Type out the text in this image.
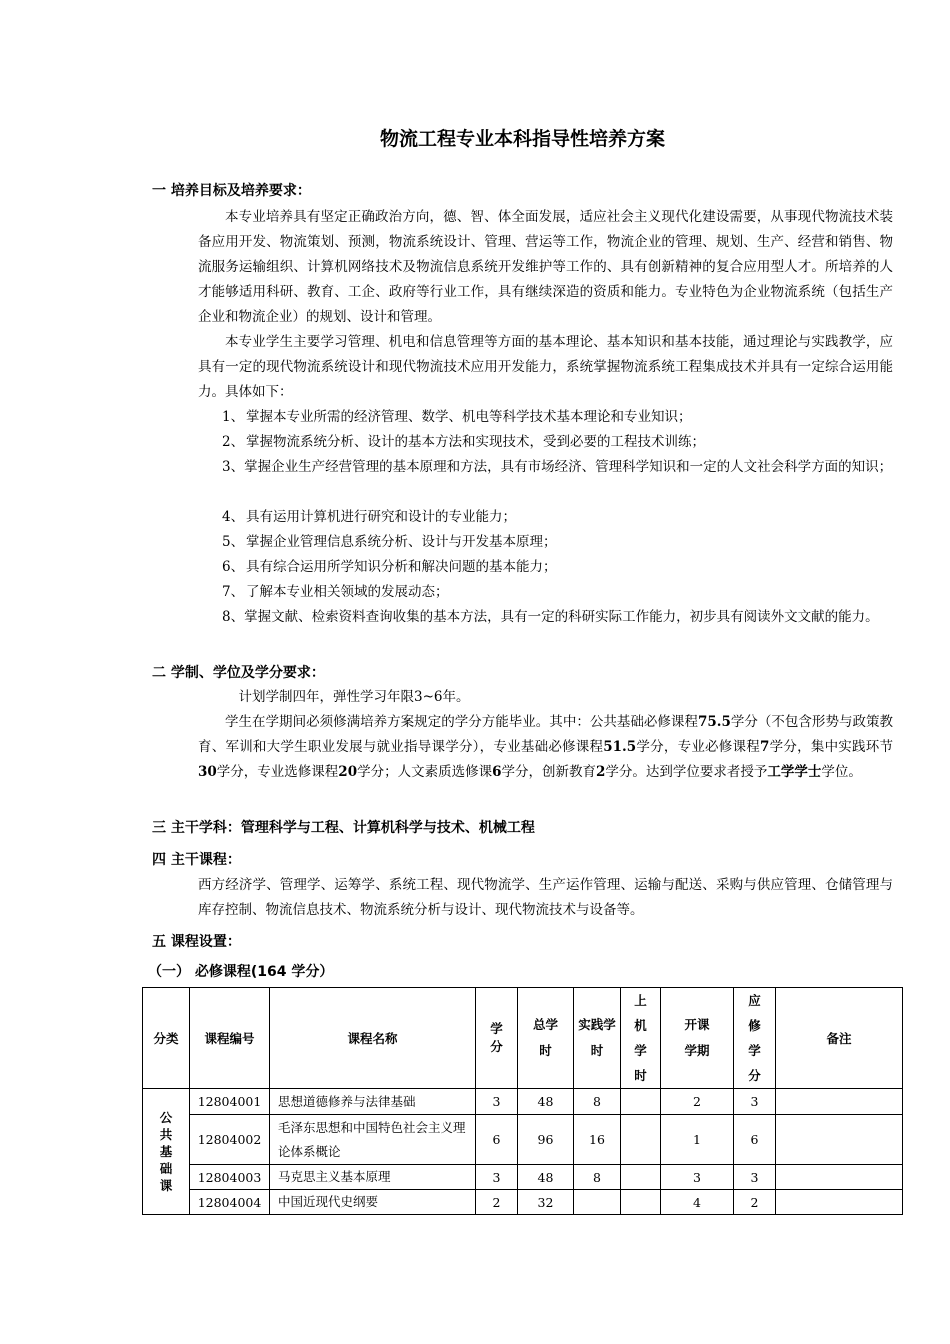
物流工程专业本科指导性培养方案
一 培养目标及培养要求：
本专业培养具有坚定正确政治方向，德、智、体全面发展，适应社会主义现代化建设需要，从事现代物流技术装备应用开发、物流策划、预测，物流系统设计、管理、营运等工作，物流企业的管理、规划、生产、经营和销售、物流服务运输组织、计算机网络技术及物流信息系统开发维护等工作的、具有创新精神的复合应用型人才。所培养的人才能够适用科研、教育、工企、政府等行业工作，具有继续深造的资质和能力。专业特色为企业物流系统（包括生产企业和物流企业）的规划、设计和管理。
本专业学生主要学习管理、机电和信息管理等方面的基本理论、基本知识和基本技能，通过理论与实践教学，应具有一定的现代物流系统设计和现代物流技术应用开发能力，系统掌握物流系统工程集成技术并具有一定综合运用能力。具体如下：
1、 掌握本专业所需的经济管理、数学、机电等科学技术基本理论和专业知识；
2、 掌握物流系统分析、设计的基本方法和实现技术，受到必要的工程技术训练；
3、掌握企业生产经营管理的基本原理和方法，具有市场经济、管理科学知识和一定的人文社会科学方面的知识；
4、 具有运用计算机进行研究和设计的专业能力；
5、 掌握企业管理信息系统分析、设计与开发基本原理；
6、 具有综合运用所学知识分析和解决问题的基本能力；
7、 了解本专业相关领域的发展动态；
8、掌握文献、检索资料查询收集的基本方法，具有一定的科研实际工作能力，初步具有阅读外文文献的能力。
二 学制、学位及学分要求：
计划学制四年，弹性学习年限3~6年。
学生在学期间必须修满培养方案规定的学分方能毕业。其中：公共基础必修课程75.5学分（不包含形势与政策教育、军训和大学生职业发展与就业指导课学分），专业基础必修课程51.5学分，专业必修课程7学分，集中实践环节30学分，专业选修课程20学分；人文素质选修课6学分，创新教育2学分。达到学位要求者授予工学学士学位。
三 主干学科：管理科学与工程、计算机科学与技术、机械工程
四 主干课程：
西方经济学、管理学、运筹学、系统工程、现代物流学、生产运作管理、运输与配送、采购与供应管理、仓储管理与库存控制、物流信息技术、物流系统分析与设计、现代物流技术与设备等。
五 课程设置：
（一） 必修课程(164 学分）
分类	课程编号	课程名称	学分	总学时	实践学时	上机学时	开课学期	应修学分	备注
公共基础课	12804001	思想道德修养与法律基础	3	48	8		2	3	
	12804002	毛泽东思想和中国特色社会主义理论体系概论	6	96	16		1	6	
	12804003	马克思主义基本原理	3	48	8		3	3	
	12804004	中国近现代史纲要	2	32			4	2	
